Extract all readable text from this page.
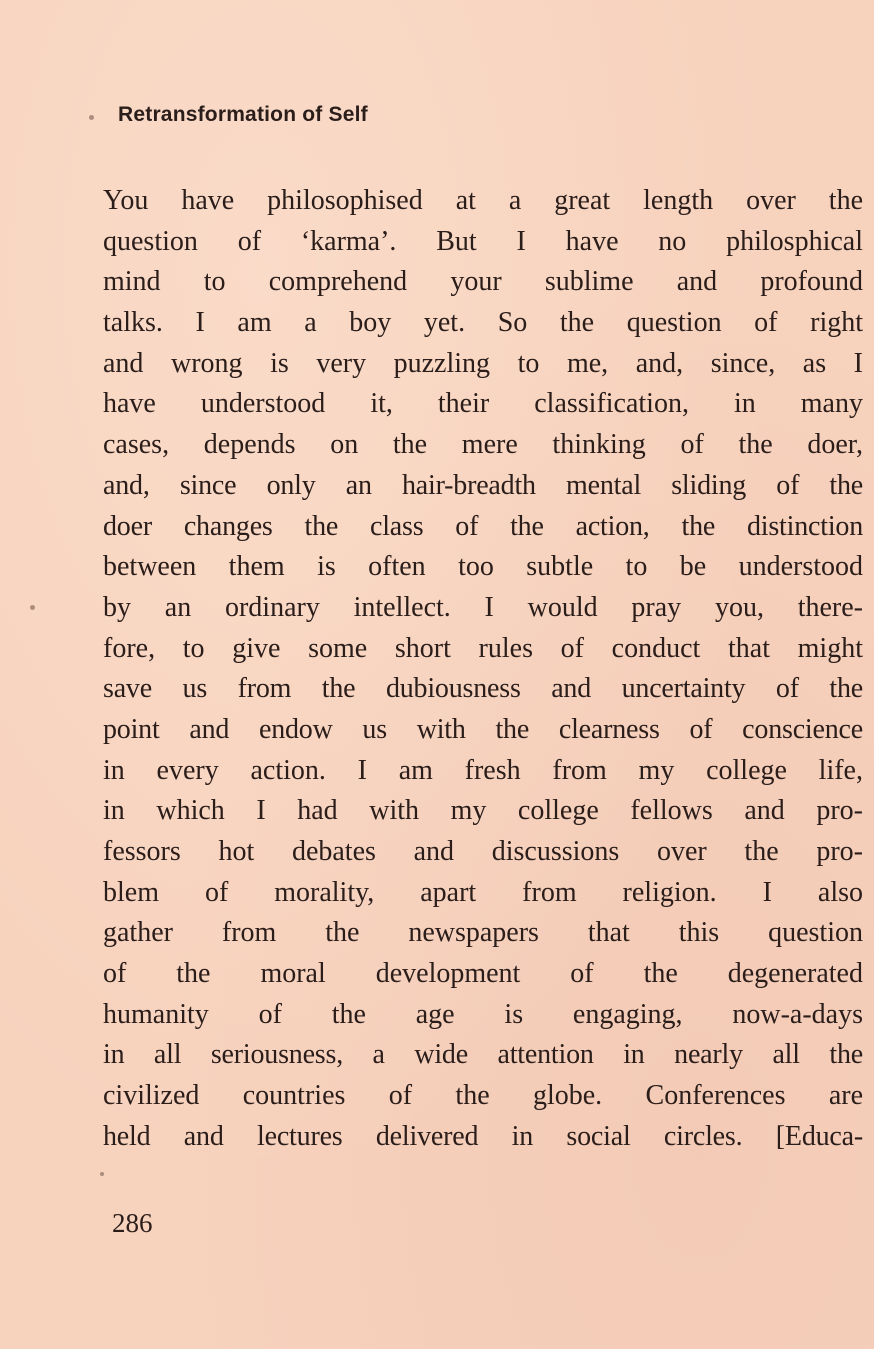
Retransformation of Self
You have philosophised at a great length over the
question of ‘karma’. But I have no philosphical
mind to comprehend your sublime and profound
talks. I am a boy yet. So the question of right
and wrong is very puzzling to me, and, since, as I
have understood it, their classification, in many
cases, depends on the mere thinking of the doer,
and, since only an hair-breadth mental sliding of the
doer changes the class of the action, the distinction
between them is often too subtle to be understood
by an ordinary intellect. I would pray you, there-
fore, to give some short rules of conduct that might
save us from the dubiousness and uncertainty of the
point and endow us with the clearness of conscience
in every action. I am fresh from my college life,
in which I had with my college fellows and pro-
fessors hot debates and discussions over the pro-
blem of morality, apart from religion. I also
gather from the newspapers that this question
of the moral development of the degenerated
humanity of the age is engaging, now-a-days
in all seriousness, a wide attention in nearly all the
civilized countries of the globe. Conferences are
held and lectures delivered in social circles. [Educa-
286
